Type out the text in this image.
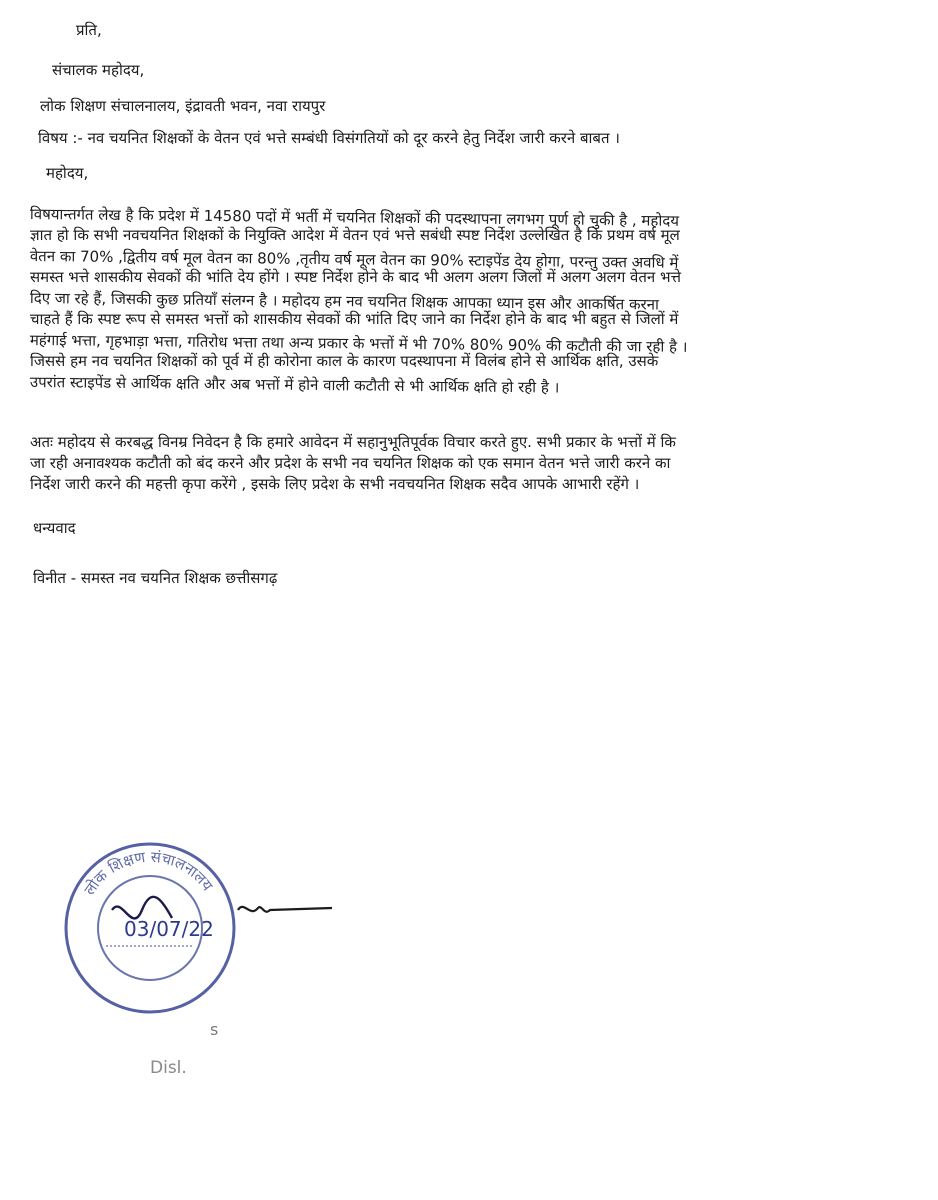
प्रति,
संचालक महोदय,
लोक शिक्षण संचालनालय, इंद्रावती भवन, नवा रायपुर
विषय :- नव चयनित शिक्षकों के वेतन एवं भत्ते सम्बंधी विसंगतियों को दूर करने हेतु निर्देश जारी करने बाबत ।
महोदय,
विषयान्तर्गत लेख है कि प्रदेश में 14580 पदों में भर्ती में चयनित शिक्षकों की पदस्थापना लगभग पूर्ण हो चुकी है , महोदय
ज्ञात हो कि सभी नवचयनित शिक्षकों के नियुक्ति आदेश में वेतन एवं भत्ते सबंधी स्पष्ट निर्देश उल्लेखित है कि प्रथम वर्ष मूल
वेतन का 70% ,द्वितीय वर्ष मूल वेतन का 80% ,तृतीय वर्ष मूल वेतन का 90% स्टाइपेंड देय होगा, परन्तु उक्त अवधि में
समस्त भत्ते शासकीय सेवकों की भांति देय होंगे । स्पष्ट निर्देश होने के बाद भी अलग अलग जिलों में अलग अलग वेतन भत्ते
दिए जा रहे हैं, जिसकी कुछ प्रतियाँ संलग्न है । महोदय हम नव चयनित शिक्षक आपका ध्यान इस और आकर्षित करना
चाहते हैं कि स्पष्ट रूप से समस्त भत्तों को शासकीय सेवकों की भांति दिए जाने का निर्देश होने के बाद भी बहुत से जिलों में
महंगाई भत्ता, गृहभाड़ा भत्ता, गतिरोध भत्ता तथा अन्य प्रकार के भत्तों में भी 70% 80% 90% की कटौती की जा रही है ।
जिससे हम नव चयनित शिक्षकों को पूर्व में ही कोरोना काल के कारण पदस्थापना में विलंब होने से आर्थिक क्षति, उसके
उपरांत स्टाइपेंड से आर्थिक क्षति और अब भत्तों में होने वाली कटौती से भी आर्थिक क्षति हो रही है ।
अतः महोदय से करबद्ध विनम्र निवेदन है कि हमारे आवेदन में सहानुभूतिपूर्वक विचार करते हुए. सभी प्रकार के भत्तों में कि
जा रही अनावश्यक कटौती को बंद करने और प्रदेश के सभी नव चयनित शिक्षक को एक समान वेतन भत्ते जारी करने का
निर्देश जारी करने की महत्ती कृपा करेंगे , इसके लिए प्रदेश के सभी नवचयनित शिक्षक सदैव आपके आभारी रहेंगे ।
धन्यवाद
विनीत - समस्त नव चयनित शिक्षक छत्तीसगढ़
लोक शिक्षण संचालनालय
03/07/22
s
Disl.
